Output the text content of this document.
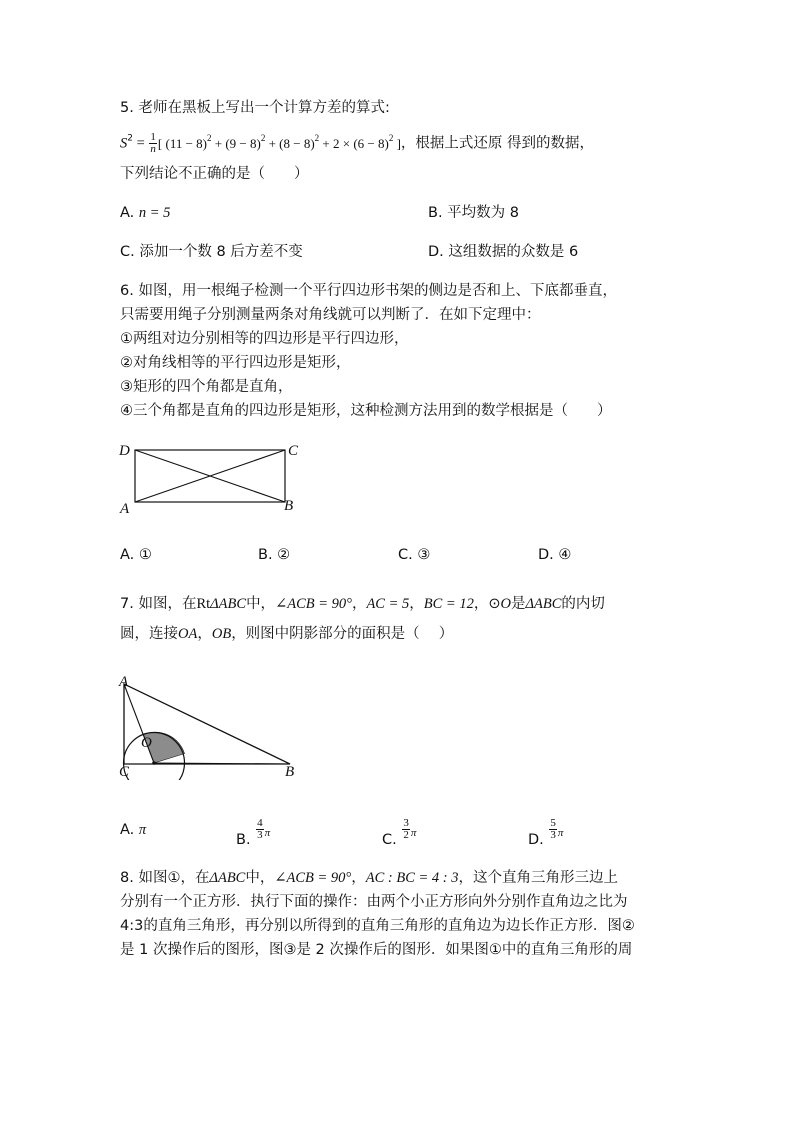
5. 老师在黑板上写出一个计算方差的算式:
$S^2 = \frac{1}{n}$ [ $(11 - 8)^2 + (9 - 8)^2 + (8 - 8)^2 + 2 \times (6 - 8)^2$ ]，根据上式还原 得到的数据，
下列结论不正确的是（　　）
A. n = 5	B. 平均数为 8
C. 添加一个数 8 后方差不变	D. 这组数据的众数是 6
6. 如图，用一根绳子检测一个平行四边形书架的侧边是否和上、下底都垂直，
只需要用绳子分别测量两条对角线就可以判断了．在如下定理中：
①两组对边分别相等的四边形是平行四边形，
②对角线相等的平行四边形是矩形，
③矩形的四个角都是直角，
④三个角都是直角的四边形是矩形，这种检测方法用到的数学根据是（　　）
D	C
A	B
A. ①	B. ②	C. ③	D. ④
7. 如图，在RtΔABC中，∠ACB = 90°，AC = 5，BC = 12，⊙O是ΔABC的内切
圆，连接OA，OB，则图中阴影部分的面积是（　 ）
A
O
C	B
A. π
B. $\frac{4}{3} ^\pi$	C. $\frac{3}{2} ^\pi$	D. $\frac{5}{3} ^\pi$
8. 如图①，在ΔABC中，∠ACB = 90°，AC : BC = 4 : 3，这个直角三角形三边上
分别有一个正方形．执行下面的操作：由两个小正方形向外分别作直角边之比为
4:3的直角三角形，再分别以所得到的直角三角形的直角边为边长作正方形．图②
是 1 次操作后的图形，图③是 2 次操作后的图形．如果图①中的直角三角形的周
